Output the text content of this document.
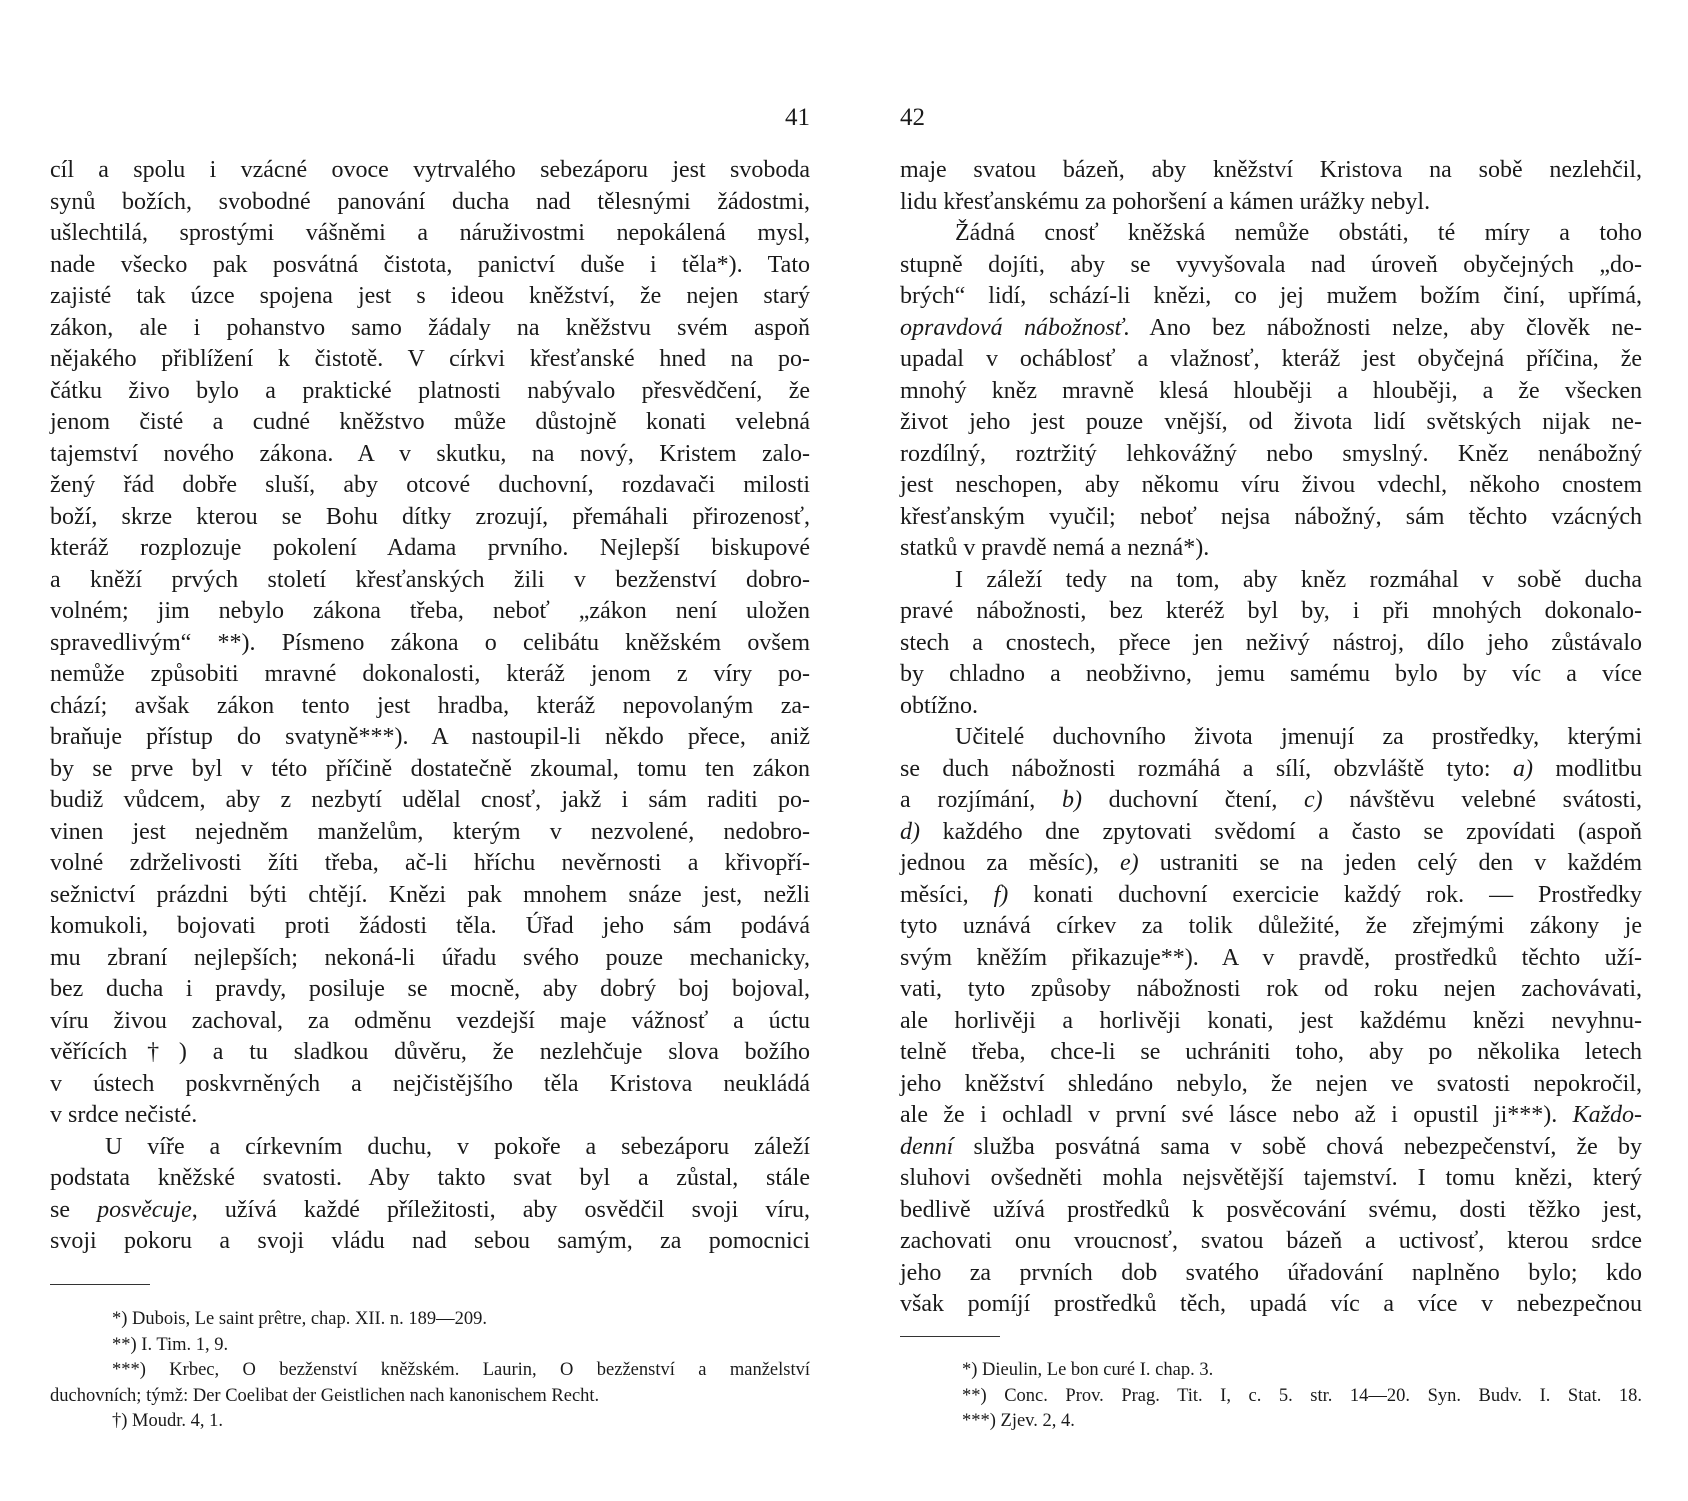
41
cíl a spolu i vzácné ovoce vytrvalého sebezáporu jest svoboda
synů božích, svobodné panování ducha nad tělesnými žádostmi,
ušlechtilá, sprostými vášněmi a náruživostmi nepokálená mysl,
nade všecko pak posvátná čistota, panictví duše i těla*). Tato
zajisté tak úzce spojena jest s ideou kněžství, že nejen starý
zákon, ale i pohanstvo samo žádaly na kněžstvu svém aspoň
nějakého přiblížení k čistotě. V církvi křesťanské hned na po-
čátku živo bylo a praktické platnosti nabývalo přesvědčení, že
jenom čisté a cudné kněžstvo může důstojně konati velebná
tajemství nového zákona. A v skutku, na nový, Kristem zalo-
žený řád dobře sluší, aby otcové duchovní, rozdavači milosti
boží, skrze kterou se Bohu dítky zrozují, přemáhali přirozenosť,
kteráž rozplozuje pokolení Adama prvního. Nejlepší biskupové
a kněží prvých století křesťanských žili v bezženství dobro-
volném; jim nebylo zákona třeba, neboť „zákon není uložen
spravedlivým“ **). Písmeno zákona o celibátu kněžském ovšem
nemůže způsobiti mravné dokonalosti, kteráž jenom z víry po-
chází; avšak zákon tento jest hradba, kteráž nepovolaným za-
braňuje přístup do svatyně***). A nastoupil-li někdo přece, aniž
by se prve byl v této příčině dostatečně zkoumal, tomu ten zákon
budiž vůdcem, aby z nezbytí udělal cnosť, jakž i sám raditi po-
vinen jest nejedněm manželům, kterým v nezvolené, nedobro-
volné zdrželivosti žíti třeba, ač-li hříchu nevěrnosti a křivopří-
sežnictví prázdni býti chtějí. Knězi pak mnohem snáze jest, nežli
komukoli, bojovati proti žádosti těla. Úřad jeho sám podává
mu zbraní nejlepších; nekoná-li úřadu svého pouze mechanicky,
bez ducha i pravdy, posiluje se mocně, aby dobrý boj bojoval,
víru živou zachoval, za odměnu vezdejší maje vážnosť a úctu
věřících†) a tu sladkou důvěru, že nezlehčuje slova božího
v ústech poskvrněných a nejčistějšího těla Kristova neukládá
v srdce nečisté.
U víře a církevním duchu, v pokoře a sebezáporu záleží
podstata kněžské svatosti. Aby takto svat byl a zůstal, stále
se posvěcuje, užívá každé příležitosti, aby osvědčil svoji víru,
svoji pokoru a svoji vládu nad sebou samým, za pomocnici
*) Dubois, Le saint prêtre, chap. XII. n. 189—209.
**) I. Tim. 1, 9.
***) Krbec, O bezženství kněžském. Laurin, O bezženství a manželství
duchovních; týmž: Der Coelibat der Geistlichen nach kanonischem Recht.
†) Moudr. 4, 1.
42
maje svatou bázeň, aby kněžství Kristova na sobě nezlehčil,
lidu křesťanskému za pohoršení a kámen urážky nebyl.
Žádná cnosť kněžská nemůže obstáti, té míry a toho
stupně dojíti, aby se vyvyšovala nad úroveň obyčejných „do-
brých“ lidí, schází-li knězi, co jej mužem božím činí, upřímá,
opravdová nábožnosť. Ano bez nábožnosti nelze, aby člověk ne-
upadal v ocháblosť a vlažnosť, kteráž jest obyčejná příčina, že
mnohý kněz mravně klesá hlouběji a hlouběji, a že všecken
život jeho jest pouze vnější, od života lidí světských nijak ne-
rozdílný, roztržitý lehkovážný nebo smyslný. Kněz nenábožný
jest neschopen, aby někomu víru živou vdechl, někoho cnostem
křesťanským vyučil; neboť nejsa nábožný, sám těchto vzácných
statků v pravdě nemá a nezná*).
I záleží tedy na tom, aby kněz rozmáhal v sobě ducha
pravé nábožnosti, bez kteréž byl by, i při mnohých dokonalo-
stech a cnostech, přece jen neživý nástroj, dílo jeho zůstávalo
by chladno a neobživno, jemu samému bylo by víc a více
obtížno.
Učitelé duchovního života jmenují za prostředky, kterými
se duch nábožnosti rozmáhá a sílí, obzvláště tyto: a) modlitbu
a rozjímání, b) duchovní čtení, c) návštěvu velebné svátosti,
d) každého dne zpytovati svědomí a často se zpovídati (aspoň
jednou za měsíc), e) ustraniti se na jeden celý den v každém
měsíci, f) konati duchovní exercicie každý rok. — Prostředky
tyto uznává církev za tolik důležité, že zřejmými zákony je
svým kněžím přikazuje**). A v pravdě, prostředků těchto uží-
vati, tyto způsoby nábožnosti rok od roku nejen zachovávati,
ale horlivěji a horlivěji konati, jest každému knězi nevyhnu-
telně třeba, chce-li se uchrániti toho, aby po několika letech
jeho kněžství shledáno nebylo, že nejen ve svatosti nepokročil,
ale že i ochladl v první své lásce nebo až i opustil ji***). Každo-
denní služba posvátná sama v sobě chová nebezpečenství, že by
sluhovi ovšedněti mohla nejsvětější tajemství. I tomu knězi, který
bedlivě užívá prostředků k posvěcování svému, dosti těžko jest,
zachovati onu vroucnosť, svatou bázeň a uctivosť, kterou srdce
jeho za prvních dob svatého úřadování naplněno bylo; kdo
však pomíjí prostředků těch, upadá víc a více v nebezpečnou
*) Dieulin, Le bon curé I. chap. 3.
**) Conc. Prov. Prag. Tit. I, c. 5. str. 14—20. Syn. Budv. I. Stat. 18.
***) Zjev. 2, 4.
